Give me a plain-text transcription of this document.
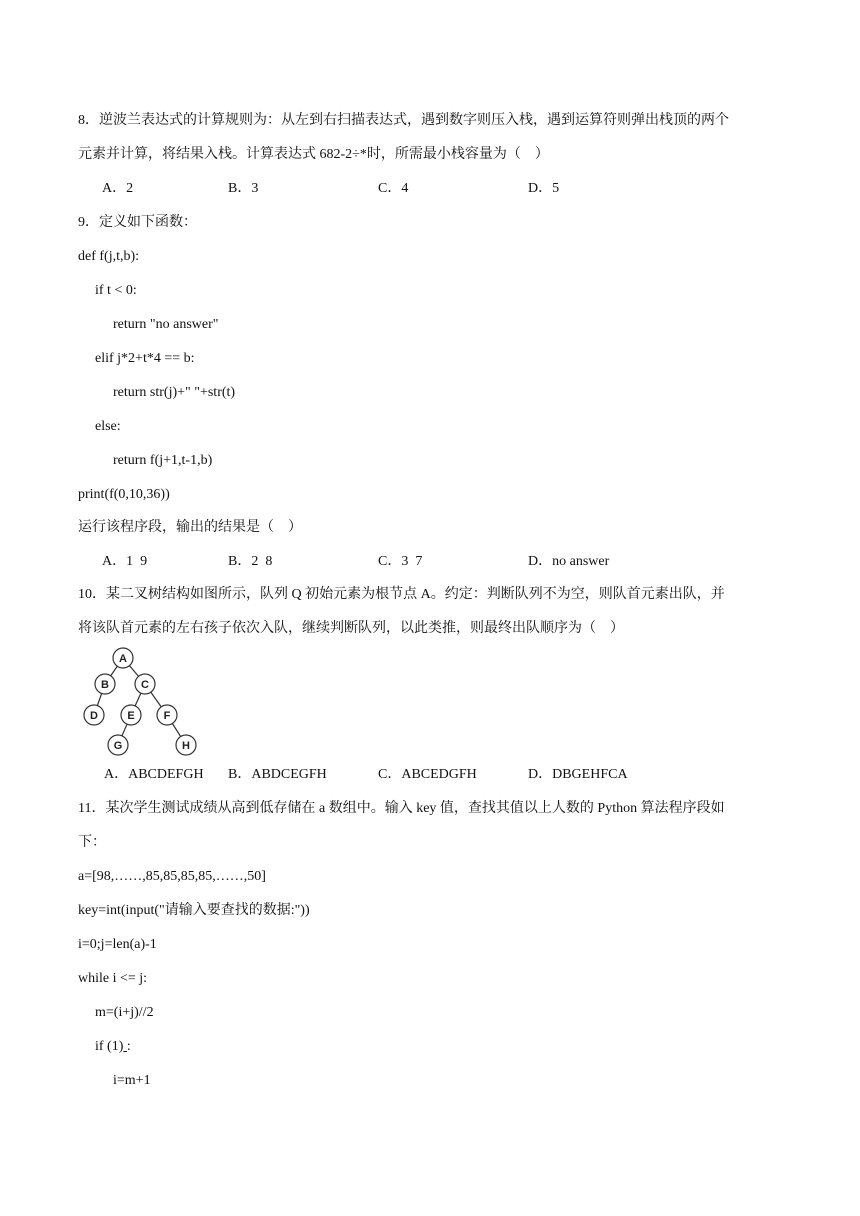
8．逆波兰表达式的计算规则为：从左到右扫描表达式，遇到数字则压入栈，遇到运算符则弹出栈顶的两个
元素并计算，将结果入栈。计算表达式 682-2÷*时，所需最小栈容量为（    ）
A．2	B．3	C．4	D．5
9．定义如下函数：
def f(j,t,b):
if t < 0:
return "no answer"
elif j*2+t*4 == b:
return str(j)+" "+str(t)
else:
return f(j+1,t-1,b)
print(f(0,10,36))
运行该程序段，输出的结果是（    ）
A．1  9	B．2  8	C．3  7	D．no answer
10．某二叉树结构如图所示，队列 Q 初始元素为根节点 A。约定：判断队列不为空，则队首元素出队，并
将该队首元素的左右孩子依次入队，继续判断队列，以此类推，则最终出队顺序为（    ）
A
B	C
D	E	F
G	H
A．ABCDEFGH B．ABDCEGFH	C．ABCEDGFH	D．DBGEHFCA
11．某次学生测试成绩从高到低存储在 a 数组中。输入 key 值，查找其值以上人数的 Python 算法程序段如
下：
a=[98,……,85,85,85,85,……,50]
key=int(input("请输入要查找的数据:"))
i=0;j=len(a)-1
while i <= j:
m=(i+j)//2
if (1) :
i=m+1
